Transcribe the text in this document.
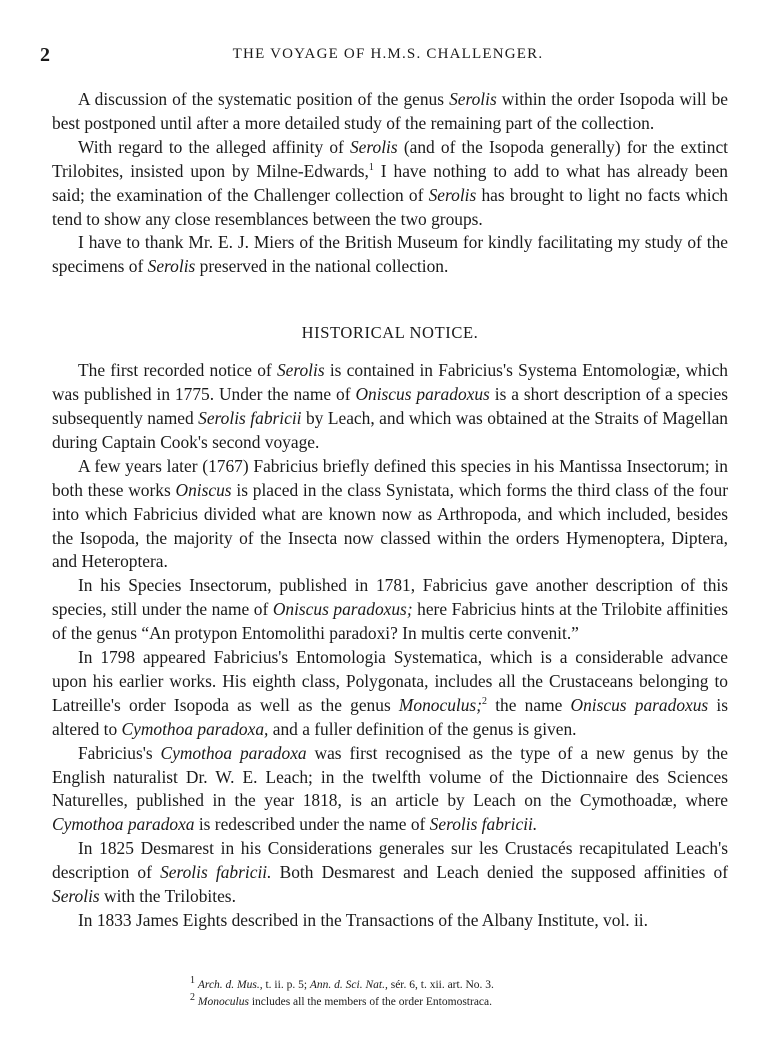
2	THE VOYAGE OF H.M.S. CHALLENGER.

A discussion of the systematic position of the genus Serolis within the order Isopoda will be best postponed until after a more detailed study of the remaining part of the collection.

With regard to the alleged affinity of Serolis (and of the Isopoda generally) for the extinct Trilobites, insisted upon by Milne-Edwards,$^1$ I have nothing to add to what has already been said; the examination of the Challenger collection of Serolis has brought to light no facts which tend to show any close resemblances between the two groups.

I have to thank Mr. E. J. Miers of the British Museum for kindly facilitating my study of the specimens of Serolis preserved in the national collection.

HISTORICAL NOTICE.

The first recorded notice of Serolis is contained in Fabricius's Systema Entomologiæ, which was published in 1775. Under the name of Oniscus paradoxus is a short description of a species subsequently named Serolis fabricii by Leach, and which was obtained at the Straits of Magellan during Captain Cook's second voyage.

A few years later (1767) Fabricius briefly defined this species in his Mantissa Insectorum; in both these works Oniscus is placed in the class Synistata, which forms the third class of the four into which Fabricius divided what are known now as Arthropoda, and which included, besides the Isopoda, the majority of the Insecta now classed within the orders Hymenoptera, Diptera, and Heteroptera.

In his Species Insectorum, published in 1781, Fabricius gave another description of this species, still under the name of Oniscus paradoxus; here Fabricius hints at the Trilobite affinities of the genus “An protypon Entomolithi paradoxi? In multis certe convenit.”

In 1798 appeared Fabricius's Entomologia Systematica, which is a considerable advance upon his earlier works. His eighth class, Polygonata, includes all the Crustaceans belonging to Latreille's order Isopoda as well as the genus Monoculus;$^2$ the name Oniscus paradoxus is altered to Cymothoa paradoxa, and a fuller definition of the genus is given.

Fabricius's Cymothoa paradoxa was first recognised as the type of a new genus by the English naturalist Dr. W. E. Leach; in the twelfth volume of the Dictionnaire des Sciences Naturelles, published in the year 1818, is an article by Leach on the Cymothoadæ, where Cymothoa paradoxa is redescribed under the name of Serolis fabricii.

In 1825 Desmarest in his Considerations generales sur les Crustacés recapitulated Leach's description of Serolis fabricii. Both Desmarest and Leach denied the supposed affinities of Serolis with the Trilobites.

In 1833 James Eights described in the Transactions of the Albany Institute, vol. ii.

$^1$ Arch. d. Mus., t. ii. p. 5; Ann. d. Sci. Nat., sér. 6, t. xii. art. No. 3.
$^2$ Monoculus includes all the members of the order Entomostraca.
